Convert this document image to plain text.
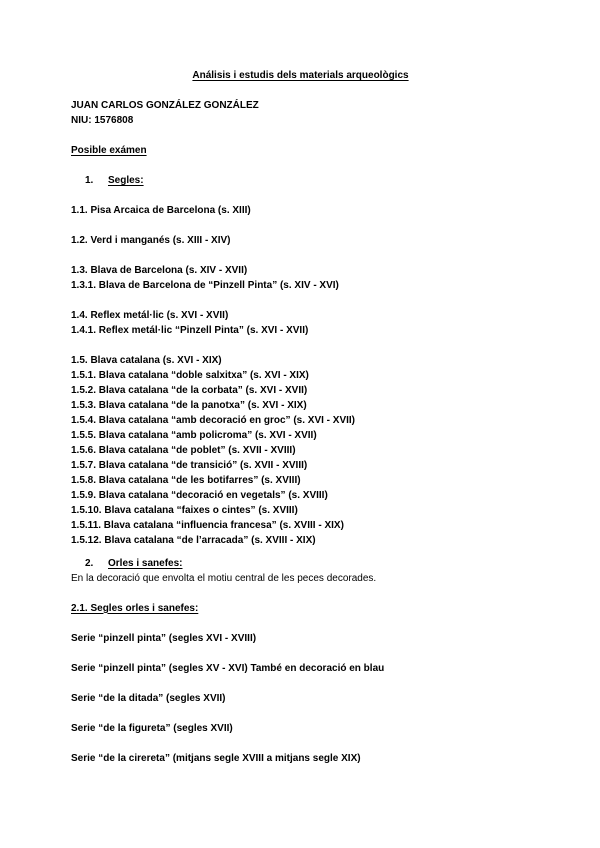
Análisis i estudis dels materials arqueològics
JUAN CARLOS GONZÁLEZ GONZÁLEZ
NIU: 1576808
Posible exámen
1. Segles:
1.1. Pisa Arcaica de Barcelona (s. XIII)
1.2. Verd i manganés (s. XIII - XIV)
1.3. Blava de Barcelona (s. XIV - XVII)
1.3.1. Blava de Barcelona de “Pinzell Pinta” (s. XIV - XVI)
1.4. Reflex metál·lic (s. XVI - XVII)
1.4.1. Reflex metál·lic “Pinzell Pinta” (s. XVI - XVII)
1.5. Blava catalana (s. XVI - XIX)
1.5.1. Blava catalana “doble salxitxa” (s. XVI - XIX)
1.5.2. Blava catalana “de la corbata” (s. XVI - XVII)
1.5.3. Blava catalana “de la panotxa” (s. XVI - XIX)
1.5.4. Blava catalana “amb decoració en groc” (s. XVI - XVII)
1.5.5. Blava catalana “amb policroma” (s. XVI - XVII)
1.5.6. Blava catalana “de poblet” (s. XVII - XVIII)
1.5.7. Blava catalana “de transició” (s. XVII - XVIII)
1.5.8. Blava catalana “de les botifarres” (s. XVIII)
1.5.9. Blava catalana “decoració en vegetals” (s. XVIII)
1.5.10. Blava catalana “faixes o cintes” (s. XVIII)
1.5.11. Blava catalana “influencia francesa” (s. XVIII - XIX)
1.5.12. Blava catalana “de l’arracada” (s. XVIII - XIX)
2. Orles i sanefes:
En la decoració que envolta el motiu central de les peces decorades.
2.1. Segles orles i sanefes:
Serie “pinzell pinta” (segles XVI - XVIII)
Serie “pinzell pinta” (segles XV - XVI) També en decoració en blau
Serie “de la ditada” (segles XVII)
Serie “de la figureta” (segles XVII)
Serie “de la cirereta” (mitjans segle XVIII a mitjans segle XIX)
